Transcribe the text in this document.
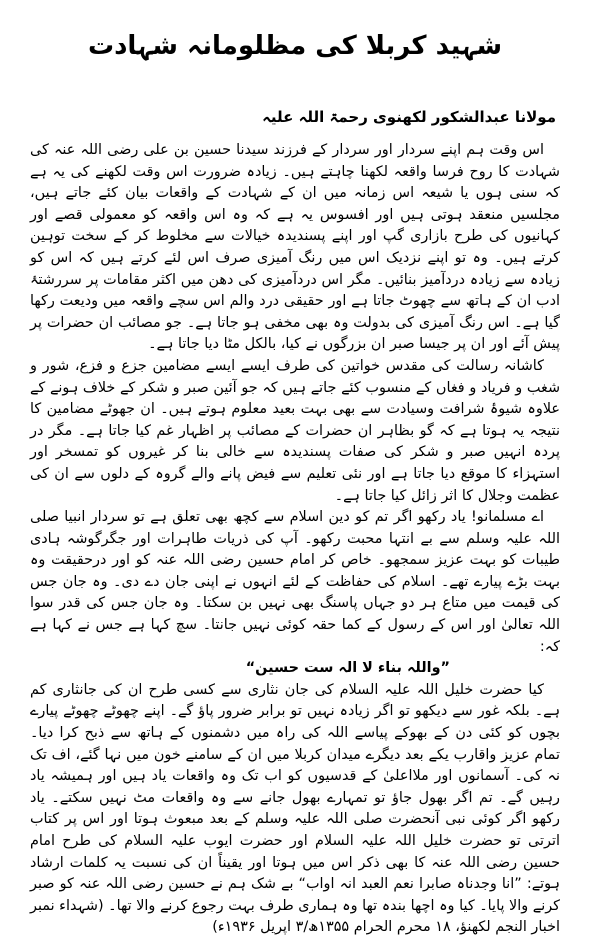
شہید کربلا کی مظلومانہ شہادت
مولانا عبدالشکور لکھنوی رحمۃ اللہ علیہ

اس وقت ہم اپنے سردار اور سردار کے فرزند سیدنا حسین بن علی رضی اللہ عنہ کی شہادت کا روح فرسا واقعہ لکھنا چاہتے ہیں۔ زیادہ ضرورت اس وقت لکھنے کی یہ ہے کہ سنی ہوں یا شیعہ اس زمانہ میں ان کے شہادت کے واقعات بیان کئے جاتے ہیں، مجلسیں منعقد ہوتی ہیں اور افسوس یہ ہے کہ وہ اس واقعہ کو معمولی قصے اور کہانیوں کی طرح بازاری گپ اور اپنے پسندیدہ خیالات سے مخلوط کر کے سخت توہین کرتے ہیں۔ وہ تو اپنے نزدیک اس میں رنگ آمیزی صرف اس لئے کرتے ہیں کہ اس کو زیادہ سے زیادہ دردآمیز بنائیں۔ مگر اس دردآمیزی کی دھن میں اکثر مقامات پر سررشتۂ ادب ان کے ہاتھ سے چھوٹ جاتا ہے اور حقیقی درد والم اس سچے واقعہ میں ودیعت رکھا گیا ہے۔ اس رنگ آمیزی کی بدولت وہ بھی مخفی ہو جاتا ہے۔ جو مصائب ان حضرات پر پیش آئے اور ان پر جیسا صبر ان بزرگوں نے کیا، بالکل مٹا دیا جاتا ہے۔

کاشانہ رسالت کی مقدس خواتین کی طرف ایسے ایسے مضامین جزع و فزع، شور و شغب و فریاد و فغاں کے منسوب کئے جاتے ہیں کہ جو آئین صبر و شکر کے خلاف ہونے کے علاوہ شیوۂ شرافت وسیادت سے بھی بہت بعید معلوم ہوتے ہیں۔ ان جھوٹے مضامین کا نتیجہ یہ ہوتا ہے کہ گو بظاہر ان حضرات کے مصائب پر اظہار غم کیا جاتا ہے۔ مگر در پردہ انہیں صبر و شکر کی صفات پسندیدہ سے خالی بنا کر غیروں کو تمسخر اور استہزاء کا موقع دیا جاتا ہے اور نئی تعلیم سے فیض پانے والے گروہ کے دلوں سے ان کی عظمت وجلال کا اثر زائل کیا جاتا ہے۔

اے مسلمانو! یاد رکھو اگر تم کو دین اسلام سے کچھ بھی تعلق ہے تو سردار انبیا صلی اللہ علیہ وسلم سے بے انتہا محبت رکھو۔ آپ کی ذریات طاہرات اور جگرگوشہ ہادی طیبات کو بہت عزیز سمجھو۔ خاص کر امام حسین رضی اللہ عنہ کو اور درحقیقت وہ بہت بڑے پیارے تھے۔ اسلام کی حفاظت کے لئے انہوں نے اپنی جان دے دی۔ وہ جان جس کی قیمت میں متاع ہر دو جہاں پاسنگ بھی نہیں بن سکتا۔ وہ جان جس کی قدر سوا اللہ تعالیٰ اور اس کے رسول کے کما حقہ کوئی نہیں جانتا۔ سچ کہا ہے جس نے کہا ہے کہ:

”واللہ بناء لا الہ ست حسین“

کیا حضرت خلیل اللہ علیہ السلام کی جان نثاری سے کسی طرح ان کی جانثاری کم ہے۔ بلکہ غور سے دیکھو تو اگر زیادہ نہیں تو برابر ضرور پاؤ گے۔ اپنے چھوٹے چھوٹے پیارے بچوں کو کئی دن کے بھوکے پیاسے اللہ کی راہ میں دشمنوں کے ہاتھ سے ذبح کرا دیا۔ تمام عزیز واقارب یکے بعد دیگرے میدان کربلا میں ان کے سامنے خون میں نہا گئے، اف تک نہ کی۔ آسمانوں اور ملااعلیٰ کے قدسیوں کو اب تک وہ واقعات یاد ہیں اور ہمیشہ یاد رہیں گے۔ تم اگر بھول جاؤ تو تمہارے بھول جانے سے وہ واقعات مٹ نہیں سکتے۔ یاد رکھو اگر کوئی نبی آنحضرت صلی اللہ علیہ وسلم کے بعد مبعوث ہوتا اور اس پر کتاب اترتی تو حضرت خلیل اللہ علیہ السلام اور حضرت ایوب علیہ السلام کی طرح امام حسین رضی اللہ عنہ کا بھی ذکر اس میں ہوتا اور یقیناً ان کی نسبت یہ کلمات ارشاد ہوتے: ”انا وجدناہ صابرا نعم العبد انہ اواب“ بے شک ہم نے حسین رضی اللہ عنہ کو صبر کرنے والا پایا۔ کیا وہ اچھا بندہ تھا وہ ہماری طرف بہت رجوع کرنے والا تھا۔ (شہداء نمبر اخبار النجم لکھنؤ، ۱۸ محرم الحرام ۱۳۵۵ھ/۳ اپریل ۱۹۳۶ء)
